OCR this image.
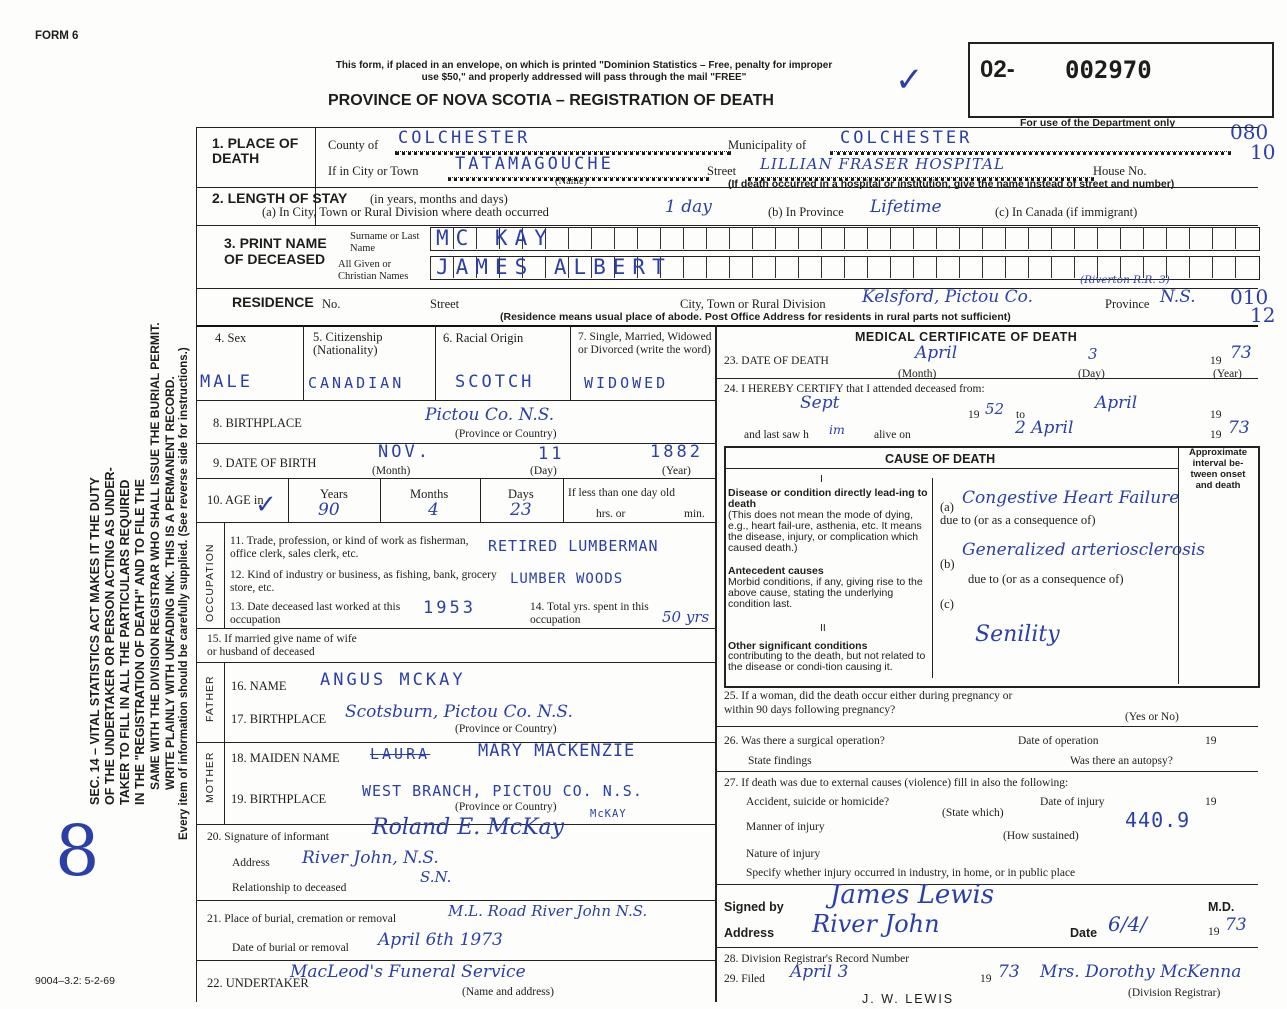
FORM 6
This form, if placed in an envelope, on which is printed "Dominion Statistics – Free, penalty for improper
use $50," and properly addressed will pass through the mail "FREE"
PROVINCE OF NOVA SCOTIA – REGISTRATION OF DEATH
✓ 02- 002970
For use of the Department only	080
10
010
12
SEC. 14 – VITAL STATISTICS ACT MAKES IT THE DUTY OF THE UNDERTAKER OR PERSON ACTING AS UNDER- TAKER TO FILL IN ALL THE PARTICULARS REQUIRED IN THE "REGISTRATION OF DEATH" AND TO FILE THE SAME WITH THE DIVISION REGISTRAR WHO SHALL ISSUE THE BURIAL PERMIT. WRITE PLAINLY WITH UNFADING INK. THIS IS A PERMANENT RECORD. Every item of information should be carefully supplied. (See reverse side for instructions.)
8
1. PLACE OF DEATH
County of COLCHESTER	Municipality of COLCHESTER
If in City or Town TATAMAGOUCHE
(Name)
Street LILLIAN FRASER HOSPITAL	House No.
(If death occurred in a hospital or institution, give the name instead of street and number)
2. LENGTH OF STAY (in years, months and days)
(a) In City, Town or Rural Division where death occurred	1 day	(b) In Province Lifetime	(c) In Canada (if immigrant)
3. PRINT NAME OF DECEASED
Surname or Last Name
All Given or Christian Names
MC KAY
JAMES ALBERT
RESIDENCE No.	Street	City, Town or Rural Division Kelsford, Pictou Co.
(Riverton R.R. 3)
Province N.S.
(Residence means usual place of abode. Post Office Address for residents in rural parts not sufficient)
4. Sex	5. Citizenship (Nationality)
6. Racial Origin	7. Single, Married, Widowed or Divorced (write the word)
MALE	CANADIAN	SCOTCH	WIDOWED
8. BIRTHPLACE	Pictou Co. N.S.
(Province or Country)
9. DATE OF BIRTH
NOV.	11	1882
(Month)	(Day)	(Year)
10. AGE in	Years	Months	Days	If less than one day old
hrs. or	min.
✓ 90	4	23
OCCUPATION
11. Trade, profession, or kind of work as fisherman, office clerk, sales clerk, etc.	RETIRED LUMBERMAN
12. Kind of industry or business, as fishing, bank, grocery store, etc.
LUMBER WOODS
13. Date deceased last worked at this occupation
1953	14. Total yrs. spent in this occupation	50 yrs
15. If married give name of wife or husband of deceased
FATHER 16. NAME ANGUS MCKAY
17. BIRTHPLACE Scotsburn, Pictou Co. N.S.
(Province or Country)
MOTHER 18. MAIDEN NAME LAURA	MARY MACKENZIE
19. BIRTHPLACE WEST BRANCH, PICTOU CO. N.S.
(Province or Country)
20. Signature of informant Roland E. McKay
McKAY
Address River John, N.S.
Relationship to deceased
S.N.
21. Place of burial, cremation or removal	M.L. Road River John N.S.
Date of burial or removal April 6th 1973
22. UNDERTAKER
MacLeod's Funeral Service
(Name and address)
9004–3.2: 5-2-69
MEDICAL CERTIFICATE OF DEATH
23. DATE OF DEATH	April	3	19 73
(Month)	(Day)	(Year)
24. I HEREBY CERTIFY that I attended deceased from:
Sept
19 52 to
April
19
and last saw h im	alive on	2 April	19 73
CAUSE OF DEATH	Approximate interval be-tween onset and death
I
Disease or condition directly lead-ing to death
(This does not mean the mode of dying, e.g., heart fail-ure, asthenia, etc. It means the disease, injury, or complication which caused death.)
Antecedent causes
Morbid conditions, if any, giving rise to the above cause, stating the underlying condition last.
II
Other significant conditions
contributing to the death, but not related to the disease or condi-tion causing it.
(a) Congestive Heart Failure
due to (or as a consequence of)
(b)
Generalized arteriosclerosis
due to (or as a consequence of)
(c)
Senility
25. If a woman, did the death occur either during pregnancy or within 90 days following pregnancy?
(Yes or No)
26. Was there a surgical operation?	Date of operation	19
State findings	Was there an autopsy?
27. If death was due to external causes (violence) fill in also the following:
Accident, suicide or homicide?	Date of injury	19
(State which)
Manner of injury	440.9
(How sustained)
Nature of injury
Specify whether injury occurred in industry, in home, or in public place
Signed by James Lewis	M.D.
Address River John	Date 6/4/	19 73
28. Division Registrar's Record Number
29. Filed April 3	19 73 Mrs. Dorothy McKenna
J. W. LEWIS	(Division Registrar)
